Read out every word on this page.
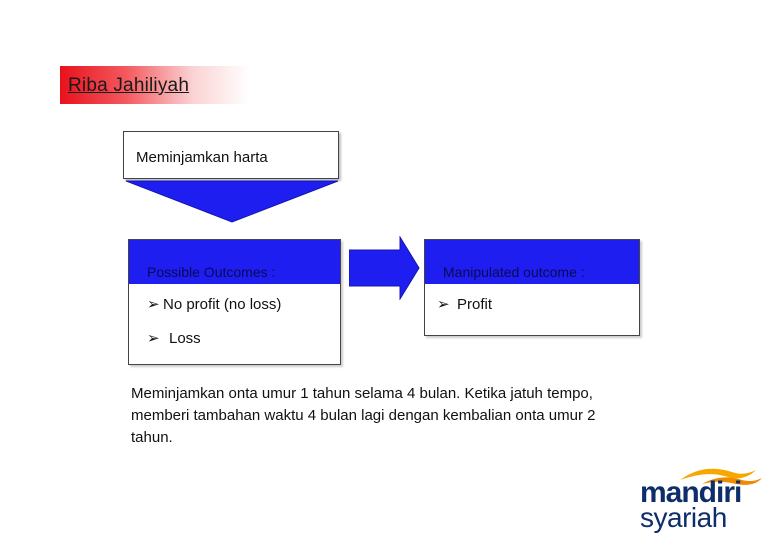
Riba Jahiliyah
Meminjamkan harta
Possible Outcomes :
➢ No profit (no loss)
➢ Loss
Manipulated outcome :
➢ Profit
Meminjamkan onta umur 1 tahun selama 4 bulan. Ketika jatuh tempo, memberi tambahan waktu 4 bulan lagi dengan kembalian onta umur 2 tahun.
mandiri
syariah
